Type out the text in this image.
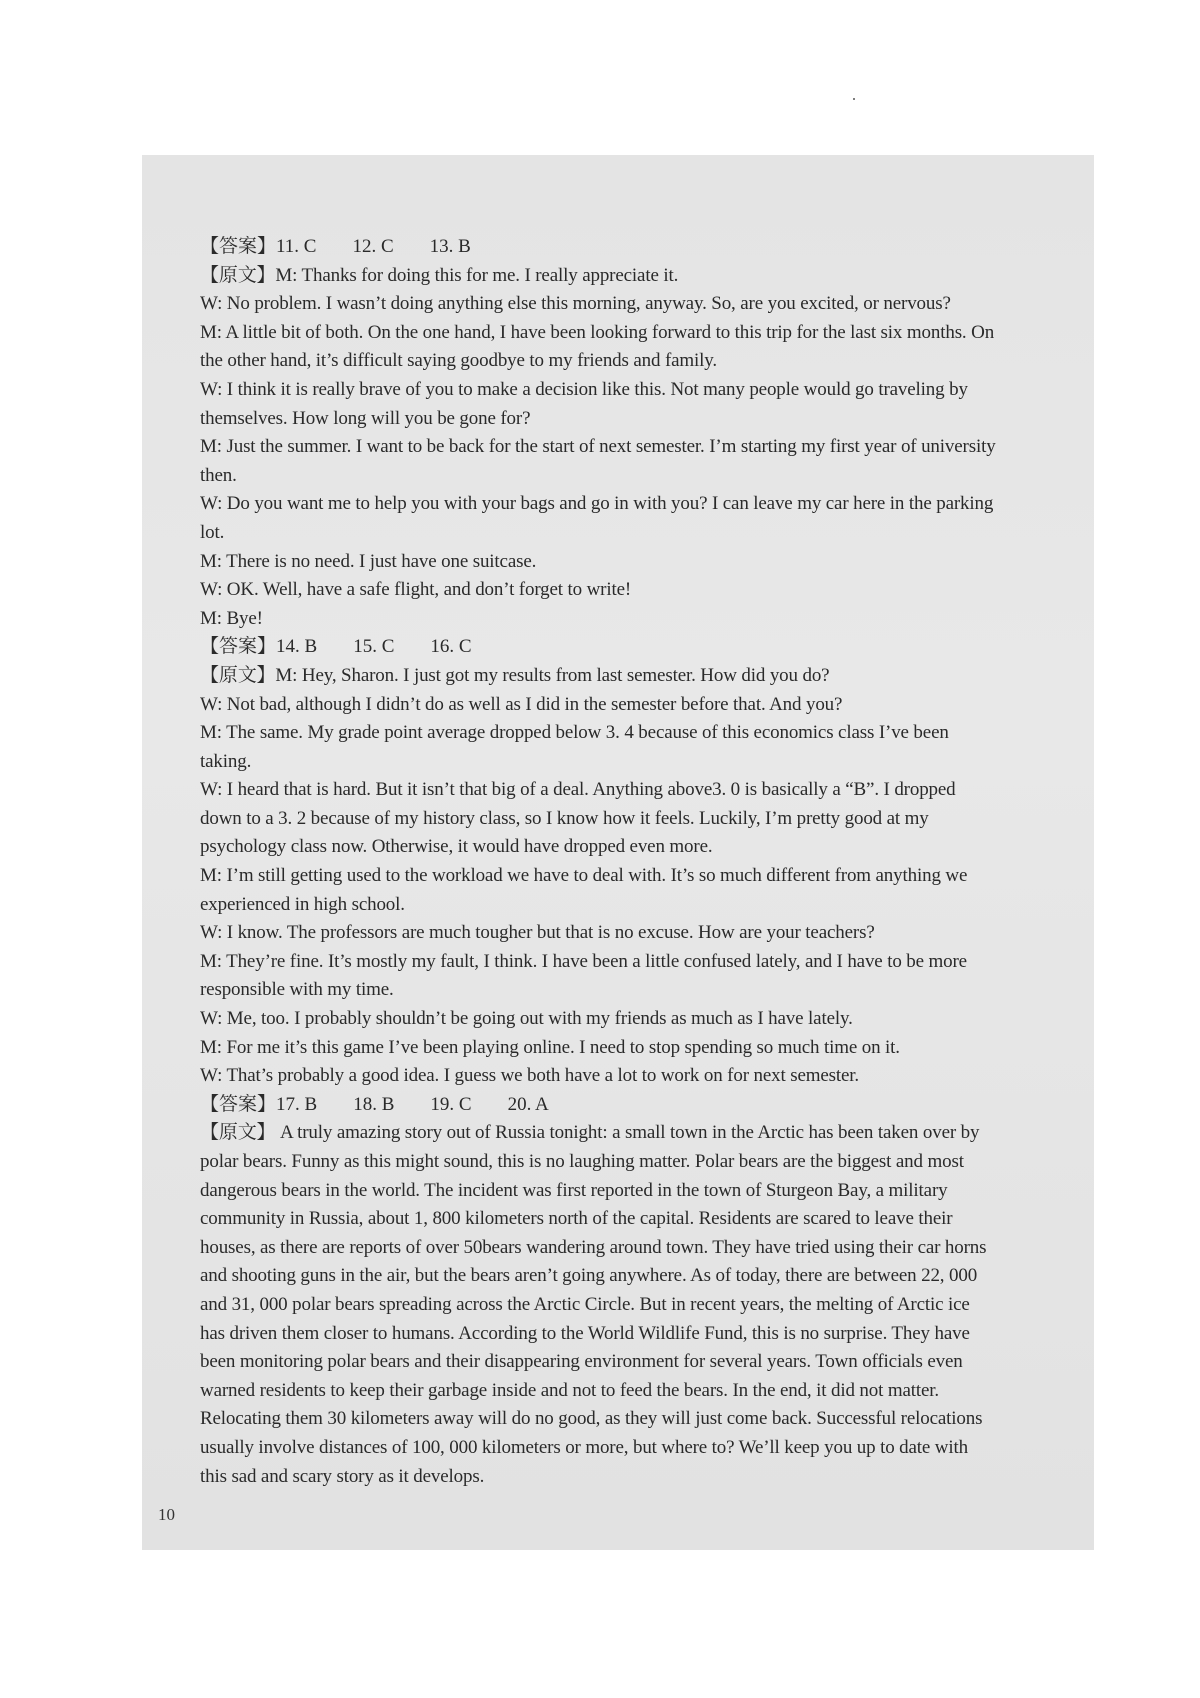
【答案】11. C 12. C 13. B
【原文】M: Thanks for doing this for me. I really appreciate it.
W: No problem. I wasn’t doing anything else this morning, anyway. So, are you excited, or nervous?
M: A little bit of both. On the one hand, I have been looking forward to this trip for the last six months. On
the other hand, it’s difficult saying goodbye to my friends and family.
W: I think it is really brave of you to make a decision like this. Not many people would go traveling by
themselves. How long will you be gone for?
M: Just the summer. I want to be back for the start of next semester. I’m starting my first year of university
then.
W: Do you want me to help you with your bags and go in with you? I can leave my car here in the parking
lot.
M: There is no need. I just have one suitcase.
W: OK. Well, have a safe flight, and don’t forget to write!
M: Bye!
【答案】14. B 15. C 16. C
【原文】M: Hey, Sharon. I just got my results from last semester. How did you do?
W: Not bad, although I didn’t do as well as I did in the semester before that. And you?
M: The same. My grade point average dropped below 3. 4 because of this economics class I’ve been
taking.
W: I heard that is hard. But it isn’t that big of a deal. Anything above3. 0 is basically a “B”. I dropped
down to a 3. 2 because of my history class, so I know how it feels. Luckily, I’m pretty good at my
psychology class now. Otherwise, it would have dropped even more.
M: I’m still getting used to the workload we have to deal with. It’s so much different from anything we
experienced in high school.
W: I know. The professors are much tougher but that is no excuse. How are your teachers?
M: They’re fine. It’s mostly my fault, I think. I have been a little confused lately, and I have to be more
responsible with my time.
W: Me, too. I probably shouldn’t be going out with my friends as much as I have lately.
M: For me it’s this game I’ve been playing online. I need to stop spending so much time on it.
W: That’s probably a good idea. I guess we both have a lot to work on for next semester.
【答案】17. B 18. B 19. C 20. A
【原文】 A truly amazing story out of Russia tonight: a small town in the Arctic has been taken over by
polar bears. Funny as this might sound, this is no laughing matter. Polar bears are the biggest and most
dangerous bears in the world. The incident was first reported in the town of Sturgeon Bay, a military
community in Russia, about 1, 800 kilometers north of the capital. Residents are scared to leave their
houses, as there are reports of over 50bears wandering around town. They have tried using their car horns
and shooting guns in the air, but the bears aren’t going anywhere. As of today, there are between 22, 000
and 31, 000 polar bears spreading across the Arctic Circle. But in recent years, the melting of Arctic ice
has driven them closer to humans. According to the World Wildlife Fund, this is no surprise. They have
been monitoring polar bears and their disappearing environment for several years. Town officials even
warned residents to keep their garbage inside and not to feed the bears. In the end, it did not matter.
Relocating them 30 kilometers away will do no good, as they will just come back. Successful relocations
usually involve distances of 100, 000 kilometers or more, but where to? We’ll keep you up to date with
this sad and scary story as it develops.
10
